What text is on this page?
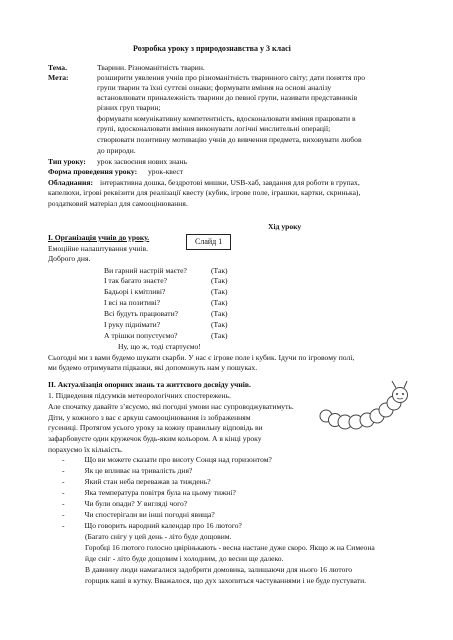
Розробка уроку з природознавства у 3 класі
Тема.	Тварини. Різноманітність тварин.
Мета:	розширити уявлення учнів про різноманітність тваринного світу; дати поняття про
групи тварин та їхні суттєві ознаки; формувати вміння на основі аналізу
встановлювати приналежність тварини до певної групи, називати представників
різних груп тварин;
формувати комунікативну компетентність, вдосконалювати вміння працювати в
групі, вдосконалювати вміння виконувати логічні мислительні операції;
створювати позитивну мотивацію учнів до вивчення предмета, виховувати любов
до природи.
Тип уроку: урок засвоєння нових знань
Форма проведення уроку: урок-квест
Обладнання: інтерактивна дошка, бездротові мишки, USB-хаб, завдання для роботи в групах,
капелюхи, ігрові реквізити для реалізації квесту (кубик, ігрове поле, іграшки, картки, скринька),
роздатковий матеріал для самооцінювання.
Хід уроку
І. Організація учнів до уроку.	Слайд 1
Емоційне налаштування учнів.
Доброго дня.
Ви гарний настрій маєте?	(Так)
І так багато знаєте?	(Так)
Бадьорі і кмітливі?	(Так)
І всі на позитиві?	(Так)
Всі будуть працювати?	(Так)
І руку піднімати?	(Так)
А трішки попустуємо?	(Так)
Ну, що ж, тоді стартуємо!
Сьогодні ми з вами будемо шукати скарби. У нас є ігрове поле і кубик. Ідучи по ігровому полі,
ми будемо отримувати підказки, які допоможуть нам у пошуках.
ІІ. Актуалізація опорних знань та життєвого досвіду учнів.
1. Підведення підсумків метеорологічних спостережень.
Але спочатку давайте з’ясуємо, які погодні умови нас супроводжуватимуть.
Діти, у кожного з вас є аркуш самооцінювання із зображенням
гусениці. Протягом усього уроку за кожну правильну відповідь ви
зафарбовуєте один кружечок будь-яким кольором. А в кінці уроку
порахуємо їх кількість.
-	Що ви можете сказати про висоту Сонця над горизонтом?
-	Як це впливає на тривалість дня?
-	Який стан неба переважав за тиждень?
-	Яка температура повітря була на цьому тижні?
-	Чи були опади? У вигляді чого?
-	Чи спостерігали ви інші погодні явища?
-	Що говорить народний календар про 16 лютого?
(Багато снігу у цей день - літо буде дощовим.
Горобці 16 лютого голосно цвірінькають - весна настане дуже скоро. Якщо ж на Симеона
йде сніг - літо буде дощовим і холодним, до весни ще далеко.
В давнину люди намагалися задобрити домовика, залишаючи для нього 16 лютого
горщик каші в кутку. Вважалося, що дух захопиться частуваннями і не буде пустувати.
